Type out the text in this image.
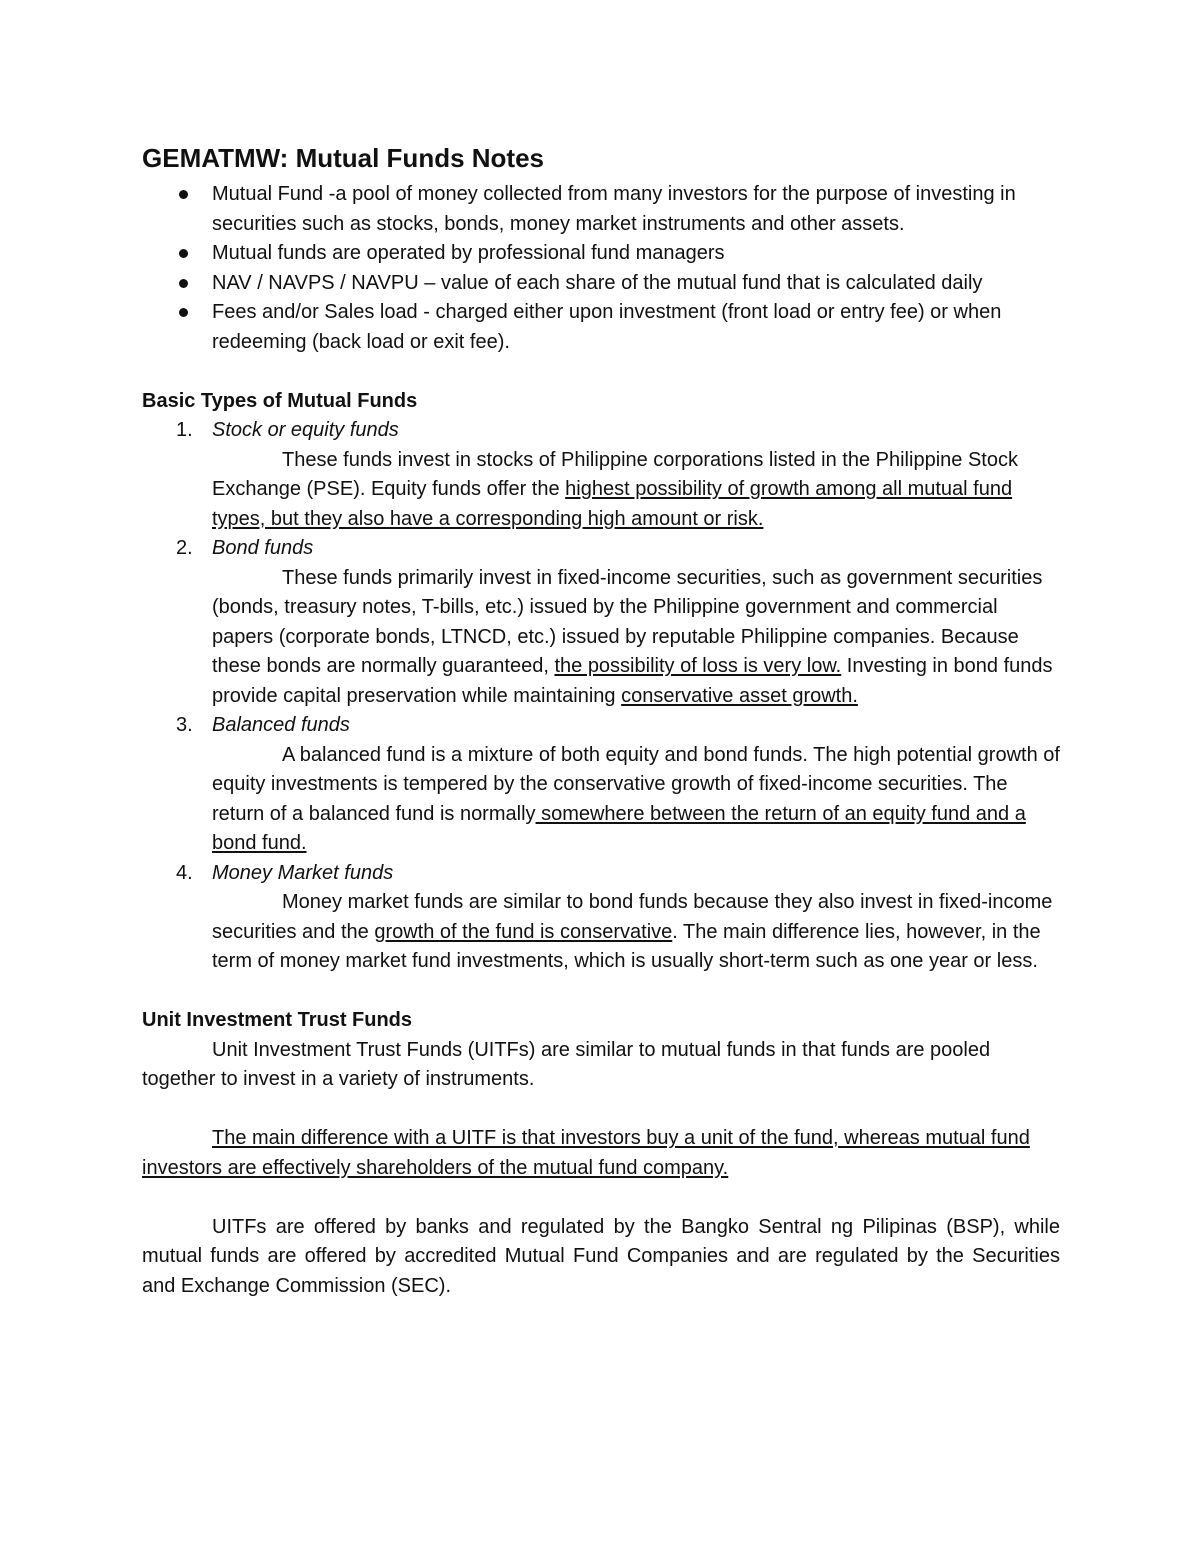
GEMATMW: Mutual Funds Notes
Mutual Fund -a pool of money collected from many investors for the purpose of investing in securities such as stocks, bonds, money market instruments and other assets.
Mutual funds are operated by professional fund managers
NAV / NAVPS / NAVPU – value of each share of the mutual fund that is calculated daily
Fees and/or Sales load - charged either upon investment (front load or entry fee) or when redeeming (back load or exit fee).
Basic Types of Mutual Funds
1. Stock or equity funds

These funds invest in stocks of Philippine corporations listed in the Philippine Stock Exchange (PSE). Equity funds offer the highest possibility of growth among all mutual fund types, but they also have a corresponding high amount or risk.

2. Bond funds

These funds primarily invest in fixed-income securities, such as government securities (bonds, treasury notes, T-bills, etc.) issued by the Philippine government and commercial papers (corporate bonds, LTNCD, etc.) issued by reputable Philippine companies. Because these bonds are normally guaranteed, the possibility of loss is very low. Investing in bond funds provide capital preservation while maintaining conservative asset growth.

3. Balanced funds

A balanced fund is a mixture of both equity and bond funds. The high potential growth of equity investments is tempered by the conservative growth of fixed-income securities. The return of a balanced fund is normally somewhere between the return of an equity fund and a bond fund.

4. Money Market funds

Money market funds are similar to bond funds because they also invest in fixed-income securities and the growth of the fund is conservative. The main difference lies, however, in the term of money market fund investments, which is usually short-term such as one year or less.

Unit Investment Trust Funds

Unit Investment Trust Funds (UITFs) are similar to mutual funds in that funds are pooled together to invest in a variety of instruments.

The main difference with a UITF is that investors buy a unit of the fund, whereas mutual fund investors are effectively shareholders of the mutual fund company.

UITFs are offered by banks and regulated by the Bangko Sentral ng Pilipinas (BSP), while mutual funds are offered by accredited Mutual Fund Companies and are regulated by the Securities and Exchange Commission (SEC).
